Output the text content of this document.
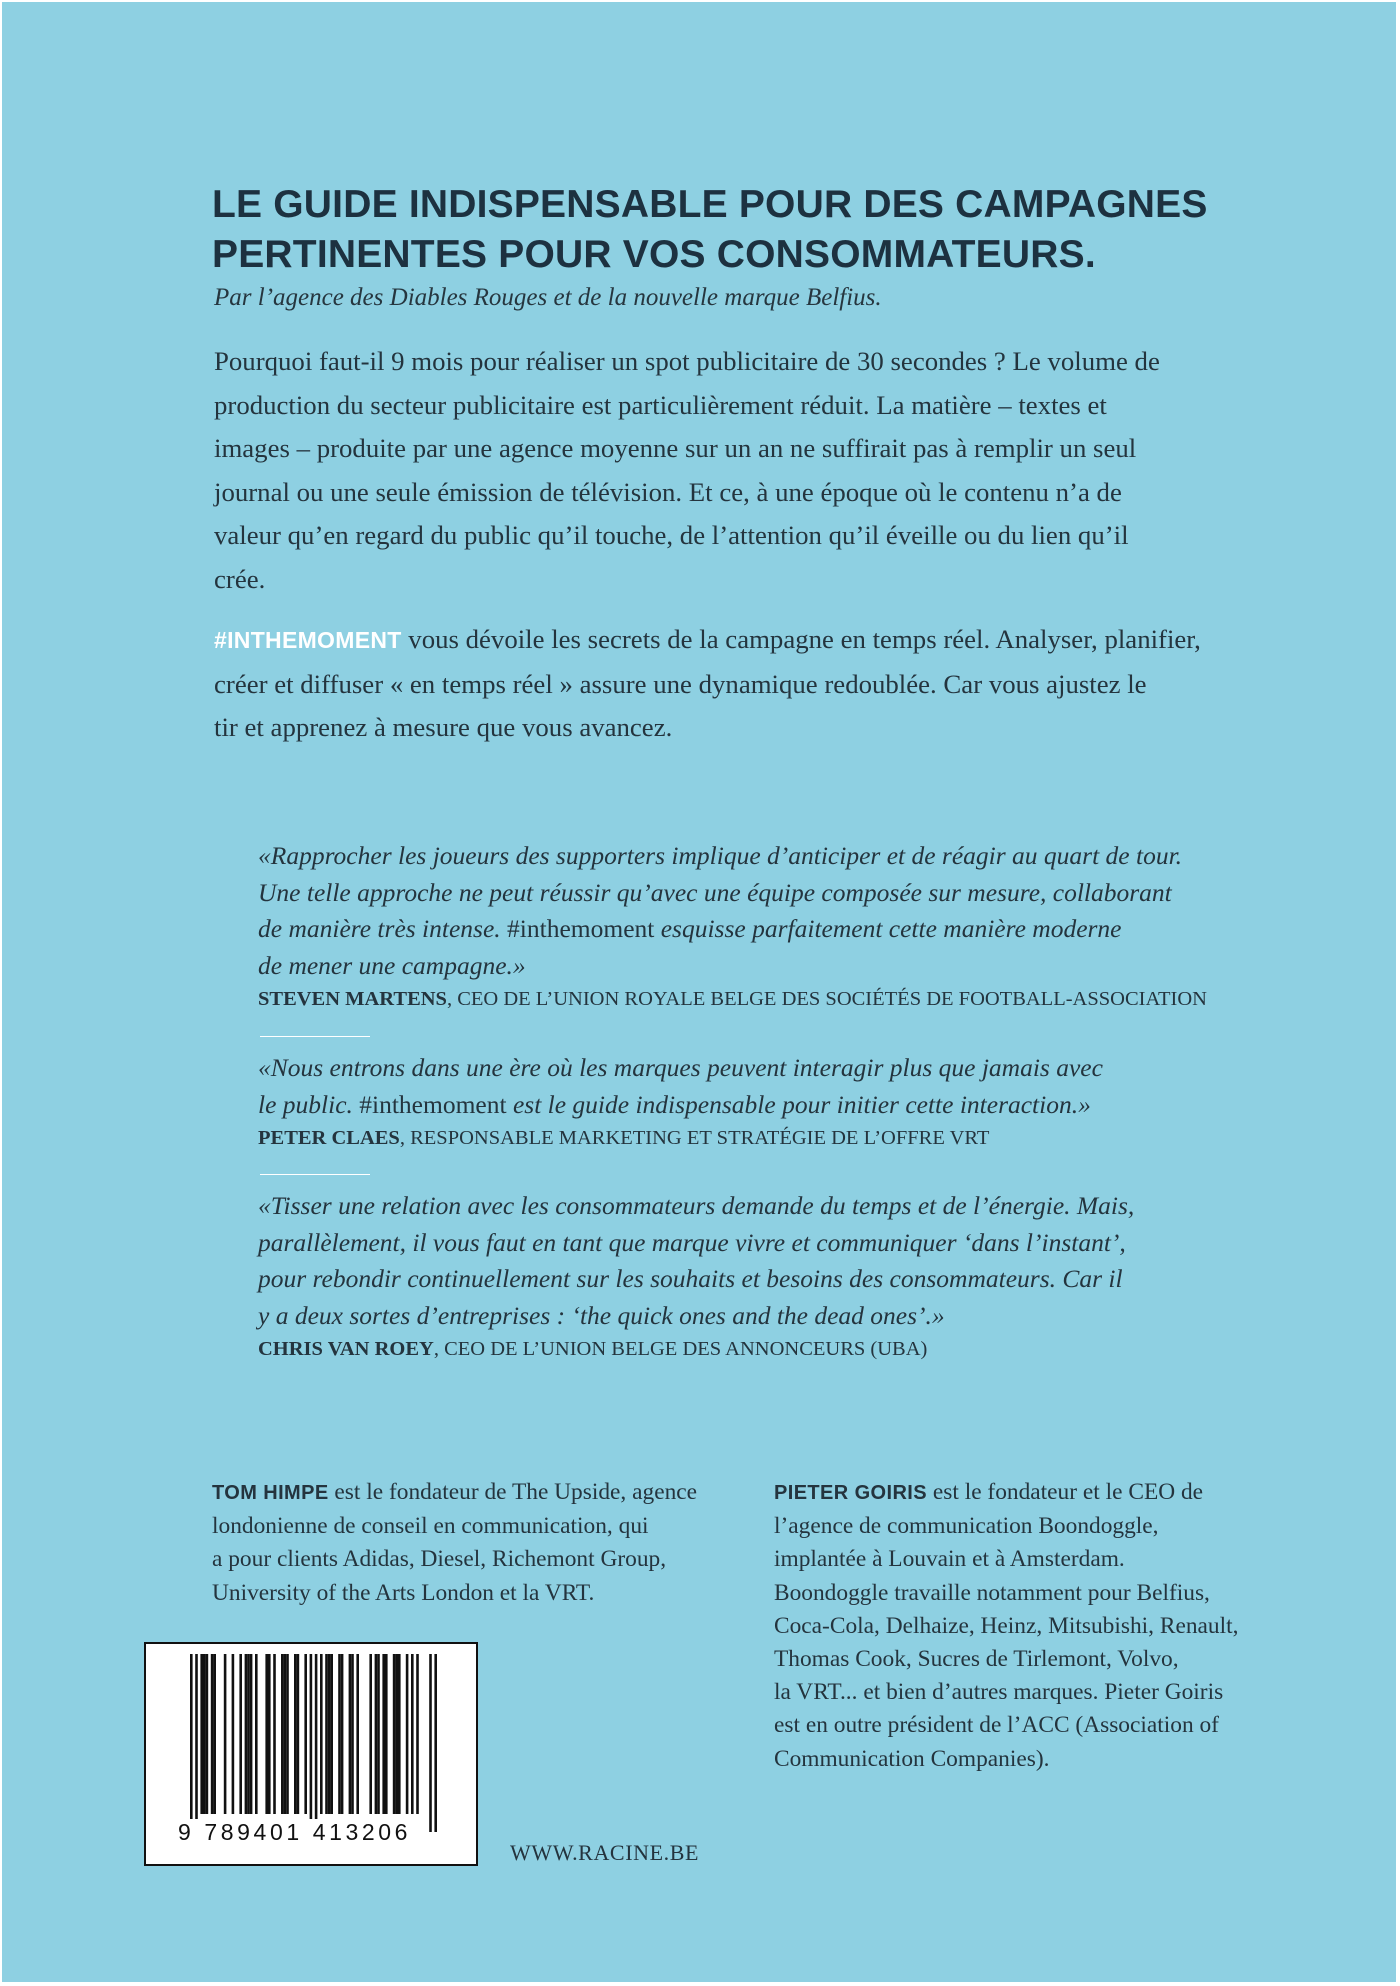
LE GUIDE INDISPENSABLE POUR DES CAMPAGNES
PERTINENTES POUR VOS CONSOMMATEURS.
Par l’agence des Diables Rouges et de la nouvelle marque Belfius.

Pourquoi faut-il 9 mois pour réaliser un spot publicitaire de 30 secondes ? Le volume de
production du secteur publicitaire est particulièrement réduit. La matière – textes et
images – produite par une agence moyenne sur un an ne suffirait pas à remplir un seul
journal ou une seule émission de télévision. Et ce, à une époque où le contenu n’a de
valeur qu’en regard du public qu’il touche, de l’attention qu’il éveille ou du lien qu’il
crée.

#INTHEMOMENT vous dévoile les secrets de la campagne en temps réel. Analyser, planifier,
créer et diffuser « en temps réel » assure une dynamique redoublée. Car vous ajustez le
tir et apprenez à mesure que vous avancez.

«Rapprocher les joueurs des supporters implique d’anticiper et de réagir au quart de tour.
Une telle approche ne peut réussir qu’avec une équipe composée sur mesure, collaborant
de manière très intense. #inthemoment esquisse parfaitement cette manière moderne
de mener une campagne.»

STEVEN MARTENS, CEO DE L’UNION ROYALE BELGE DES SOCIÉTÉS DE FOOTBALL-ASSOCIATION

«Nous entrons dans une ère où les marques peuvent interagir plus que jamais avec
le public. #inthemoment est le guide indispensable pour initier cette interaction.»

PETER CLAES, RESPONSABLE MARKETING ET STRATÉGIE DE L’OFFRE VRT

«Tisser une relation avec les consommateurs demande du temps et de l’énergie. Mais,
parallèlement, il vous faut en tant que marque vivre et communiquer ‘dans l’instant’,
pour rebondir continuellement sur les souhaits et besoins des consommateurs. Car il
y a deux sortes d’entreprises : ‘the quick ones and the dead ones’.»

CHRIS VAN ROEY, CEO DE L’UNION BELGE DES ANNONCEURS (UBA)

TOM HIMPE est le fondateur de The Upside, agence
londonienne de conseil en communication, qui
a pour clients Adidas, Diesel, Richemont Group,
University of the Arts London et la VRT.

PIETER GOIRIS est le fondateur et le CEO de
l’agence de communication Boondoggle,
implantée à Louvain et à Amsterdam.
Boondoggle travaille notamment pour Belfius,
Coca-Cola, Delhaize, Heinz, Mitsubishi, Renault,
Thomas Cook, Sucres de Tirlemont, Volvo,
la VRT... et bien d’autres marques. Pieter Goiris
est en outre président de l’ACC (Association of
Communication Companies).

9 789401 413206
WWW.RACINE.BE
